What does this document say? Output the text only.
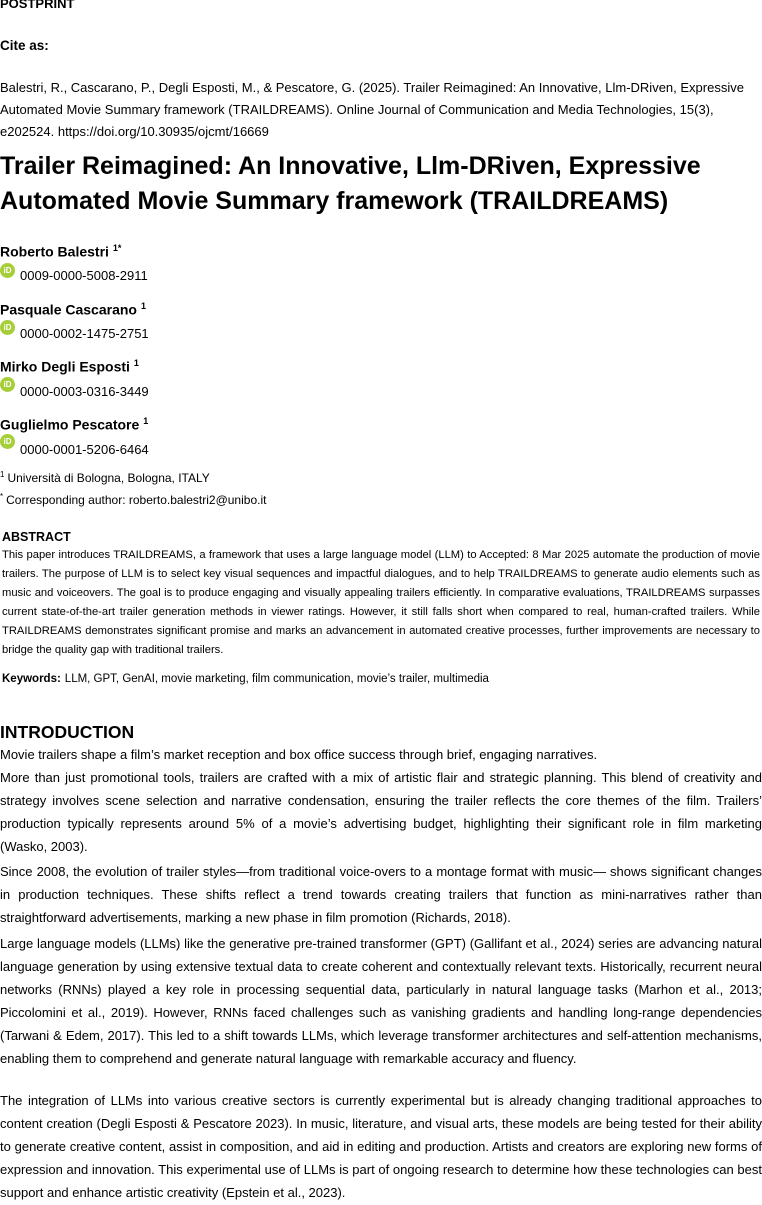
POSTPRINT
Cite as:
Balestri, R., Cascarano, P., Degli Esposti, M., & Pescatore, G. (2025). Trailer Reimagined: An Innovative, Llm-DRiven, Expressive Automated Movie Summary framework (TRAILDREAMS). Online Journal of Communication and Media Technologies, 15(3), e202524. https://doi.org/10.30935/ojcmt/16669
Trailer Reimagined: An Innovative, Llm-DRiven, Expressive Automated Movie Summary framework (TRAILDREAMS)
Roberto Balestri $^{1*}$
iD 0009-0000-5008-2911
Pasquale Cascarano $^1$
iD 0000-0002-1475-2751
Mirko Degli Esposti $^1$
iD 0000-0003-0316-3449
Guglielmo Pescatore $^1$
iD
0000-0001-5206-6464
$^1$ Università di Bologna, Bologna, ITALY
* Corresponding author: roberto.balestri2@unibo.it
ABSTRACT
This paper introduces TRAILDREAMS, a framework that uses a large language model (LLM) to Accepted: 8 Mar 2025 automate the production of movie trailers. The purpose of LLM is to select key visual sequences and impactful dialogues, and to help TRAILDREAMS to generate audio elements such as music and voiceovers. The goal is to produce engaging and visually appealing trailers efficiently. In comparative evaluations, TRAILDREAMS surpasses current state-of-the-art trailer generation methods in viewer ratings. However, it still falls short when compared to real, human-crafted trailers. While TRAILDREAMS demonstrates significant promise and marks an advancement in automated creative processes, further improvements are necessary to bridge the quality gap with traditional trailers.
Keywords: LLM, GPT, GenAI, movie marketing, film communication, movie’s trailer, multimedia
INTRODUCTION
Movie trailers shape a film’s market reception and box office success through brief, engaging narratives.
More than just promotional tools, trailers are crafted with a mix of artistic flair and strategic planning. This blend of creativity and strategy involves scene selection and narrative condensation, ensuring the trailer reflects the core themes of the film. Trailers’ production typically represents around 5% of a movie’s advertising budget, highlighting their significant role in film marketing (Wasko, 2003).
Since 2008, the evolution of trailer styles—from traditional voice-overs to a montage format with music— shows significant changes in production techniques. These shifts reflect a trend towards creating trailers that function as mini-narratives rather than straightforward advertisements, marking a new phase in film promotion (Richards, 2018).
Large language models (LLMs) like the generative pre-trained transformer (GPT) (Gallifant et al., 2024) series are advancing natural language generation by using extensive textual data to create coherent and contextually relevant texts. Historically, recurrent neural networks (RNNs) played a key role in processing sequential data, particularly in natural language tasks (Marhon et al., 2013; Piccolomini et al., 2019). However, RNNs faced challenges such as vanishing gradients and handling long-range dependencies (Tarwani & Edem, 2017). This led to a shift towards LLMs, which leverage transformer architectures and self-attention mechanisms, enabling them to comprehend and generate natural language with remarkable accuracy and fluency.
The integration of LLMs into various creative sectors is currently experimental but is already changing traditional approaches to content creation (Degli Esposti & Pescatore 2023). In music, literature, and visual arts, these models are being tested for their ability to generate creative content, assist in composition, and aid in editing and production. Artists and creators are exploring new forms of expression and innovation. This experimental use of LLMs is part of ongoing research to determine how these technologies can best support and enhance artistic creativity (Epstein et al., 2023).
